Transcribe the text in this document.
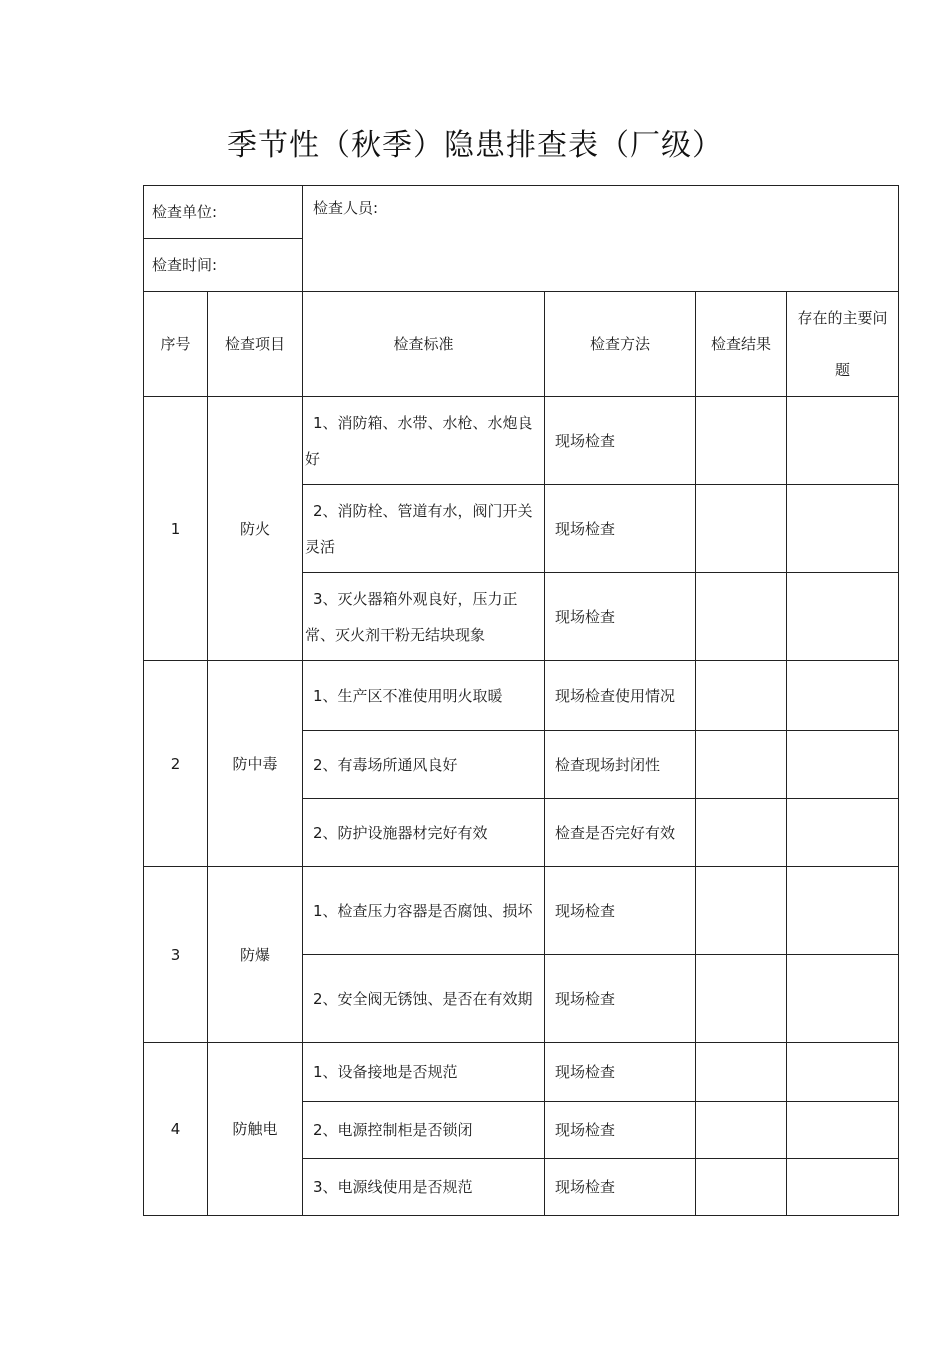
季节性（秋季）隐患排查表（厂级）
检查单位:		检查人员:			
检查时间:					
序号	检查项目	检查标准	检查方法	检查结果	存在的主要问题
1	防火	1、消防箱、水带、水枪、水炮良好	现场检查		
		2、消防栓、管道有水，阀门开关灵活	现场检查		
		3、灭火器箱外观良好，压力正常、灭火剂干粉无结块现象	现场检查		
2	防中毒	1、生产区不准使用明火取暖	现场检查使用情况		
		2、有毒场所通风良好	检查现场封闭性		
		2、防护设施器材完好有效	检查是否完好有效		
3	防爆	1、检查压力容器是否腐蚀、损坏	现场检查		
		2、安全阀无锈蚀、是否在有效期	现场检查		
4	防触电	1、设备接地是否规范	现场检查		
		2、电源控制柜是否锁闭	现场检查		
		3、电源线使用是否规范	现场检查		
